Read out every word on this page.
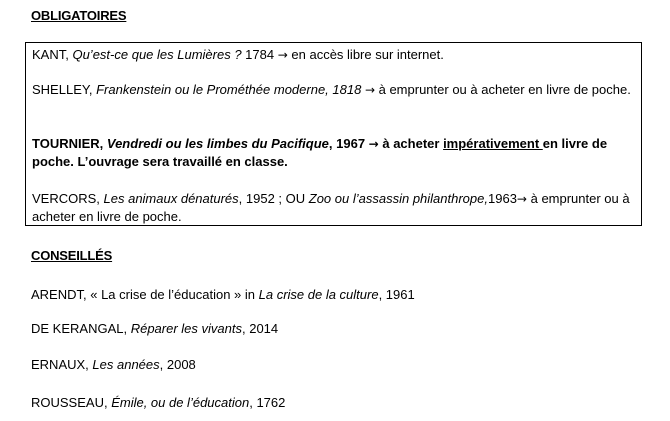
OBLIGATOIRES
KANT, Qu’est-ce que les Lumières ? 1784 → en accès libre sur internet.
SHELLEY, Frankenstein ou le Prométhée moderne, 1818 → à emprunter ou à acheter en livre de poche.
TOURNIER, Vendredi ou les limbes du Pacifique, 1967 → à acheter impérativement en livre de poche. L’ouvrage sera travaillé en classe.
VERCORS, Les animaux dénaturés, 1952 ; OU Zoo ou l’assassin philanthrope,1963→ à emprunter ou à acheter en livre de poche.
CONSEILLÉS
ARENDT, « La crise de l’éducation » in La crise de la culture, 1961
DE KERANGAL, Réparer les vivants, 2014
ERNAUX, Les années, 2008
ROUSSEAU, Émile, ou de l’éducation, 1762
